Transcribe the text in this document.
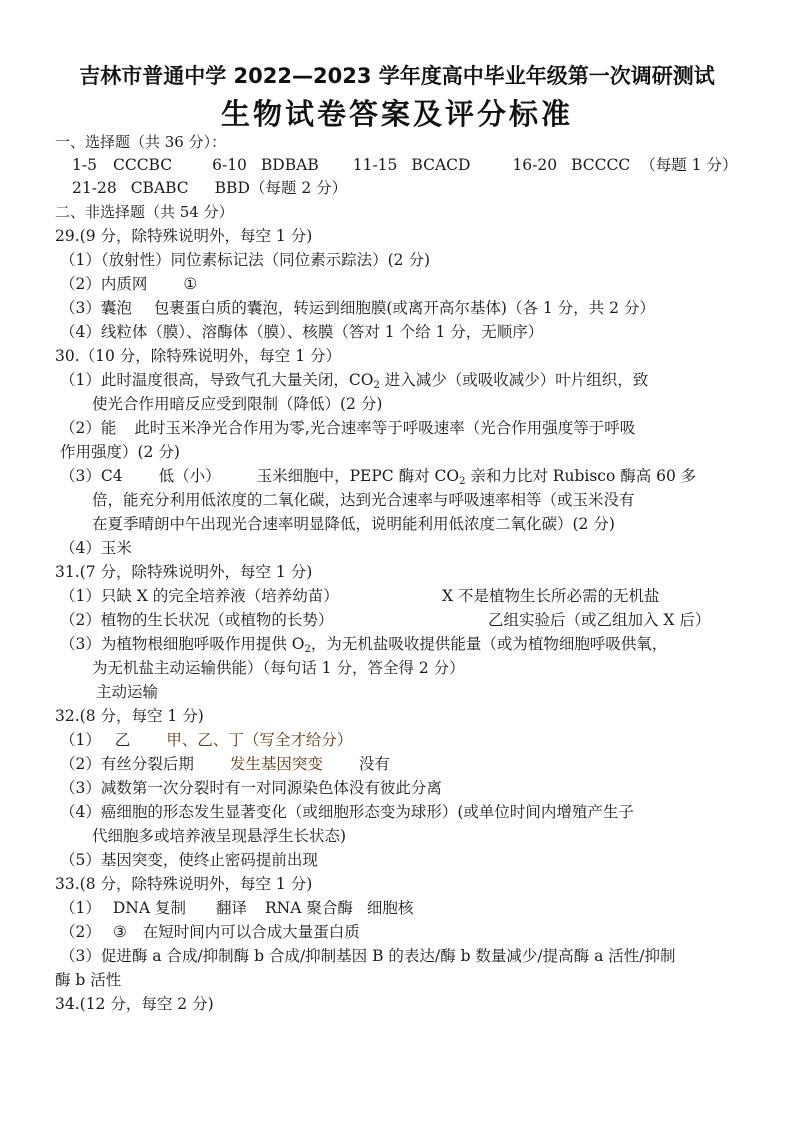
吉林市普通中学 2022—2023 学年度高中毕业年级第一次调研测试
生物试卷答案及评分标准
一、选择题（共 36 分）：
1-5 CCCBC	6-10 BDBAB 11-15 BCACD	16-20 BCCCC （每题 1 分）
21-28 CBABC BBD（每题 2 分）
二、非选择题（共 54 分）
29.(9 分，除特殊说明外，每空 1 分)
（1）（放射性）同位素标记法（同位素示踪法）(2 分)
（2）内质网 ①
（3）囊泡 包裹蛋白质的囊泡，转运到细胞膜(或离开高尔基体)（各 1 分，共 2 分）
（4）线粒体（膜）、溶酶体（膜）、核膜（答对 1 个给 1 分，无顺序）
30.（10 分，除特殊说明外，每空 1 分）
（1）此时温度很高，导致气孔大量关闭，$CO_2$ 进入减少（或吸收减少）叶片组织，致
使光合作用暗反应受到限制（降低）(2 分)
（2）能 此时玉米净光合作用为零,光合速率等于呼吸速率（光合作用强度等于呼吸
作用强度）(2 分)
（3）C4 低（小） 玉米细胞中，PEPC 酶对 $CO_2$ 亲和力比对 Rubisco 酶高 60 多
倍，能充分利用低浓度的二氧化碳，达到光合速率与呼吸速率相等（或玉米没有
在夏季晴朗中午出现光合速率明显降低，说明能利用低浓度二氧化碳）(2 分)
（4）玉米
31.(7 分，除特殊说明外，每空 1 分)
（1）只缺 X 的完全培养液（培养幼苗）	X 不是植物生长所必需的无机盐
（2）植物的生长状况（或植物的长势）	乙组实验后（或乙组加入 X 后）
（3）为植物根细胞呼吸作用提供 $O_2$，为无机盐吸收提供能量（或为植物细胞呼吸供氧，
为无机盐主动运输供能）（每句话 1 分，答全得 2 分）
主动运输
32.(8 分，每空 1 分)
（1） 乙 甲、乙、丁（写全才给分）
（2）有丝分裂后期 发生基因突变 没有
（3）减数第一次分裂时有一对同源染色体没有彼此分离
（4）癌细胞的形态发生显著变化（或细胞形态变为球形）(或单位时间内增殖产生子
代细胞多或培养液呈现悬浮生长状态)
（5）基因突变，使终止密码提前出现
33.(8 分，除特殊说明外，每空 1 分)
（1） DNA 复制 翻译 RNA 聚合酶 细胞核
（2） ③ 在短时间内可以合成大量蛋白质
（3）促进酶 a 合成/抑制酶 b 合成/抑制基因 B 的表达/酶 b 数量减少/提高酶 a 活性/抑制
酶 b 活性
34.(12 分，每空 2 分)
